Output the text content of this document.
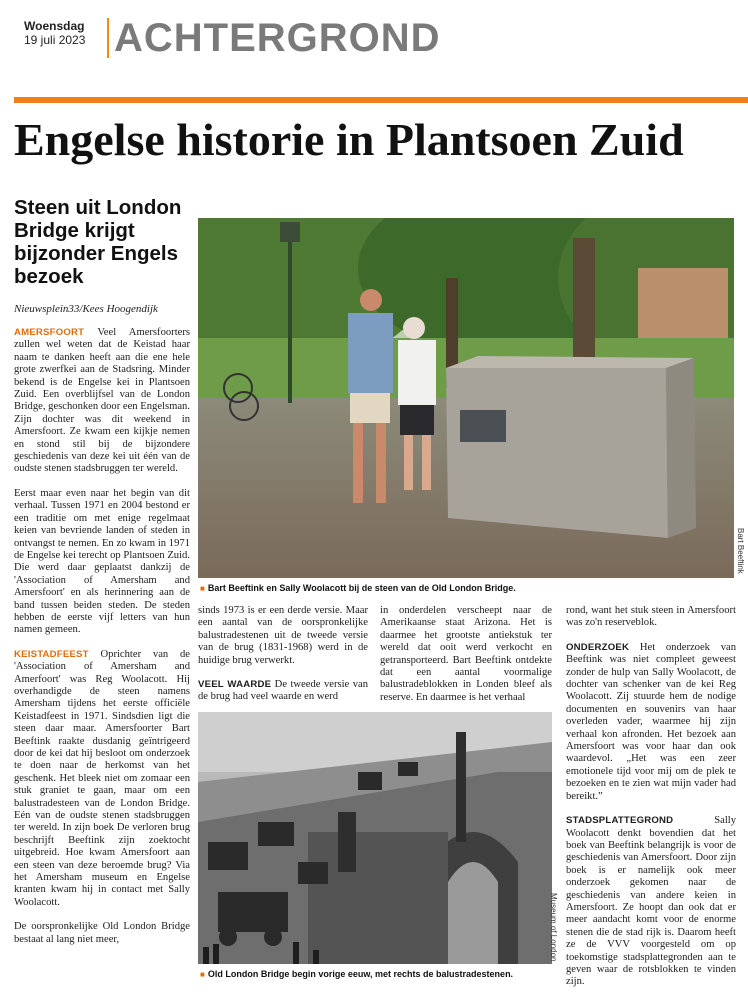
Woensdag
19 juli 2023 ACHTERGROND
Engelse historie in Plantsoen Zuid
Steen uit London Bridge krijgt bijzonder Engels bezoek
Nieuwsplein33/Kees Hoogendijk

AMERSFOORT Veel Amersfoorters zullen wel weten dat de Keistad haar naam te danken heeft aan die ene hele grote zwerfkei aan de Stadsring. Minder bekend is de Engelse kei in Plantsoen Zuid. Een overblijfsel van de London Bridge, geschonken door een Engelsman. Zijn dochter was dit weekend in Amersfoort. Ze kwam een kijkje nemen en stond stil bij de bijzondere geschiedenis van deze kei uit één van de oudste stenen stadsbruggen ter wereld.

Eerst maar even naar het begin van dit verhaal. Tussen 1971 en 2004 bestond er een traditie om met enige regelmaat keien van bevriende landen of steden in ontvangst te nemen. En zo kwam in 1971 de Engelse kei terecht op Plantsoen Zuid. Die werd daar geplaatst dankzij de 'Association of Amersham and Amersfoort' en als herinnering aan de band tussen beiden steden. De steden hebben de eerste vijf letters van hun namen gemeen.

KEISTADFEEST Oprichter van de 'Association of Amersham and Amerfoort' was Reg Woolacott. Hij overhandigde de steen namens Amersham tijdens het eerste officiële Keistadfeest in 1971. Sindsdien ligt die steen daar maar. Amersfoorter Bart Beeftink raakte dusdanig geïntrigeerd door de kei dat hij besloot om onderzoek te doen naar de herkomst van het geschenk. Het bleek niet om zomaar een stuk graniet te gaan, maar om een balustradesteen van de London Bridge. Eén van de oudste stenen stadsbruggen ter wereld. In zijn boek De verloren brug beschrijft Beeftink zijn zoektocht uitgebreid. Hoe kwam Amersfoort aan een steen van deze beroemde brug? Via het Amersham museum en Engelse kranten kwam hij in contact met Sally Woolacott.

De oorspronkelijke Old London Bridge bestaat al lang niet meer,

Bart Beeftink
■ Bart Beeftink en Sally Woolacott bij de steen van de Old London Bridge.

sinds 1973 is er een derde versie. Maar een aantal van de oorspronkelijke balustradestenen uit de tweede versie van de brug (1831-1968) werd in de huidige brug verwerkt.

VEEL WAARDE De tweede versie van de brug had veel waarde en werd

in onderdelen verscheept naar de Amerikaanse staat Arizona. Het is daarmee het grootste antiekstuk ter wereld dat ooit werd verkocht en getransporteerd. Bart Beeftink ontdekte dat een aantal voormalige balustradeblokken in Londen bleef als reserve. En daarmee is het verhaal

Museum of London
■ Old London Bridge begin vorige eeuw, met rechts de balustradestenen.

rond, want het stuk steen in Amersfoort was zo'n reserveblok.

ONDERZOEK Het onderzoek van Beeftink was niet compleet geweest zonder de hulp van Sally Woolacott, de dochter van schenker van de kei Reg Woolacott. Zij stuurde hem de nodige documenten en souvenirs van haar overleden vader, waarmee hij zijn verhaal kon afronden. Het bezoek aan Amersfoort was voor haar dan ook waardevol. „Het was een zeer emotionele tijd voor mij om de plek te bezoeken en te zien wat mijn vader had bereikt.”

STADSPLATTEGROND	Sally Woolacott denkt bovendien dat het boek van Beeftink belangrijk is voor de geschiedenis van Amersfoort. Door zijn boek is er namelijk ook meer onderzoek gekomen naar de geschiedenis van andere keien in Amersfoort. Ze hoopt dan ook dat er meer aandacht komt voor de enorme stenen die de stad rijk is. Daarom heeft ze de VVV voorgesteld om op toekomstige stadsplattegronden aan te geven waar de rotsblokken te vinden zijn.
